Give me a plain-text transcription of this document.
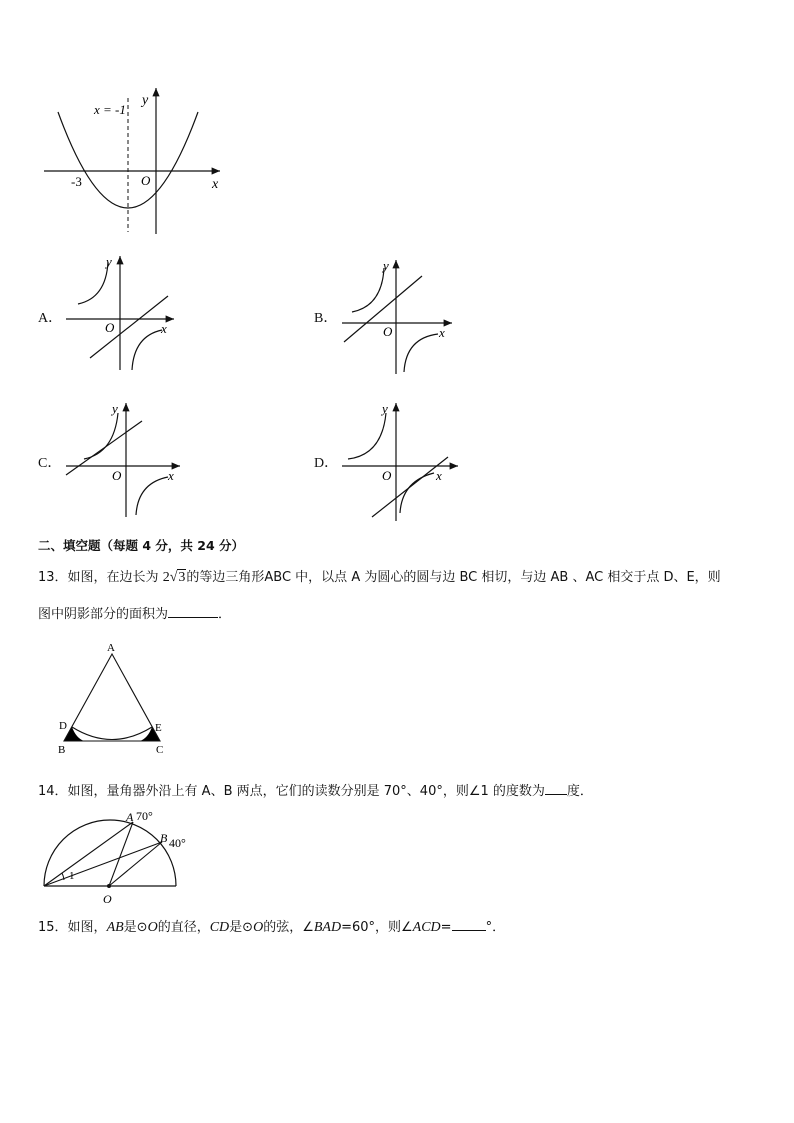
x = -1
y
-3	O	x
A．
y
O	x
B．
y
O	x
C．
y
O	x
D．
y
O	x
二、填空题（每题 4 分，共 24 分）
13．如图，在边长为 2√3的等边三角形ABC 中，以点 A 为圆心的圆与边 BC 相切，与边 AB 、AC 相交于点 D、E，则
图中阴影部分的面积为	．
A
D	E
B	C
14．如图，量角器外沿上有 A、B 两点，它们的读数分别是 70°、40°，则∠1 的度数为 度．
1
A 70°
B 40°
O
15．如图，AB是⊙O的直径，CD是⊙O的弦，∠BAD=60°，则∠ACD=	°．
